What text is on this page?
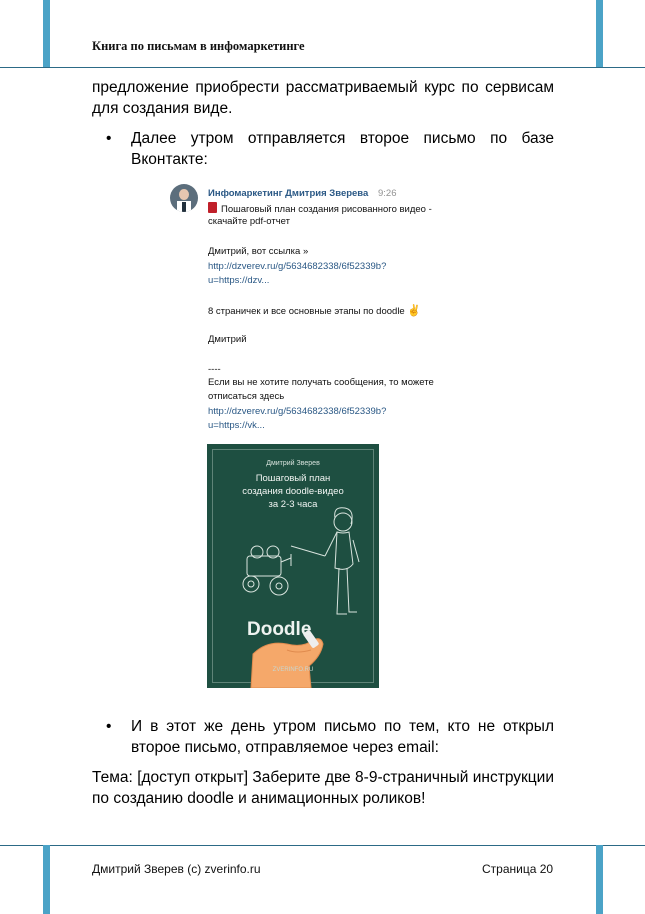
Книга по письмам в инфомаркетинге
предложение приобрести рассматриваемый курс по сервисам
для создания виде.
• Далее утром отправляется второе письмо по базе
Вконтакте:
Инфомаркетинг Дмитрия Зверева 9:26
Пошаговый план создания рисованного видео -
скачайте pdf-отчет
Дмитрий, вот ссылка »
http://dzverev.ru/g/5634682338/6f52339b?
u=https://dzv...
8 страничек и все основные этапы по doodle ✌
Дмитрий
----
Если вы не хотите получать сообщения, то можете
отписаться здесь
http://dzverev.ru/g/5634682338/6f52339b?
u=https://vk...
Дмитрий Зверев
Пошаговый план
создания doodle-видео
за 2-3 часа
Doodle
ZVERINFO.RU
• И в этот же день утром письмо по тем, кто не открыл
второе письмо, отправляемое через email:
Тема: [доступ открыт] Заберите две 8-9-страничный инструкции
по созданию doodle и анимационных роликов!
Дмитрий Зверев (с) zverinfo.ru	Страница 20
